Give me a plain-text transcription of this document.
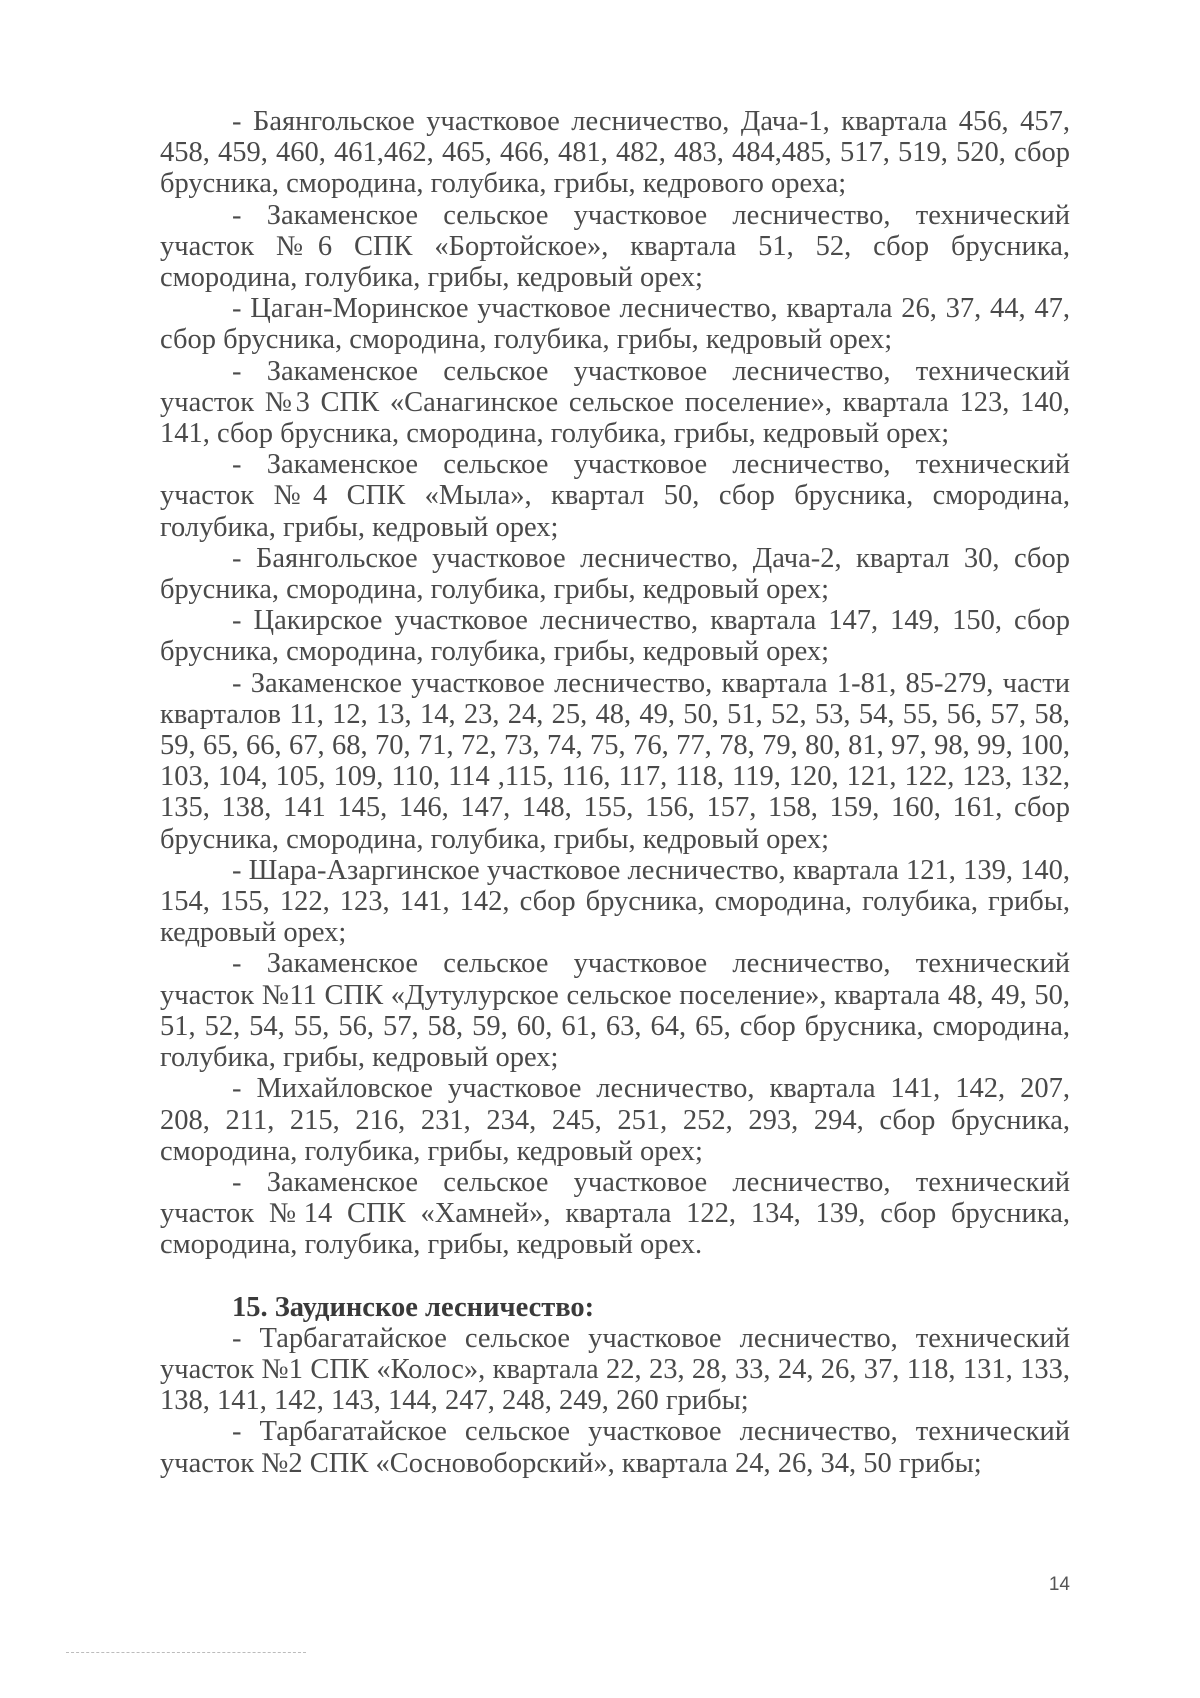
- Баянгольское участковое лесничество, Дача-1, квартала 456, 457, 458, 459, 460, 461,462, 465, 466, 481, 482, 483, 484,485, 517, 519, 520, сбор брусника, смородина, голубика, грибы, кедрового ореха;

- Закаменское сельское участковое лесничество, технический участок №6 СПК «Бортойское», квартала 51, 52, сбор брусника, смородина, голубика, грибы, кедровый орех;

- Цаган-Моринское участковое лесничество, квартала 26, 37, 44, 47, сбор брусника, смородина, голубика, грибы, кедровый орех;

- Закаменское сельское участковое лесничество, технический участок №3 СПК «Санагинское сельское поселение», квартала 123, 140, 141, сбор брусника, смородина, голубика, грибы, кедровый орех;

- Закаменское сельское участковое лесничество, технический участок №4 СПК «Мыла», квартал 50, сбор брусника, смородина, голубика, грибы, кедровый орех;

- Баянгольское участковое лесничество, Дача-2, квартал 30, сбор брусника, смородина, голубика, грибы, кедровый орех;

- Цакирское участковое лесничество, квартала 147, 149, 150, сбор брусника, смородина, голубика, грибы, кедровый орех;

- Закаменское участковое лесничество, квартала 1-81, 85-279, части кварталов 11, 12, 13, 14, 23, 24, 25, 48, 49, 50, 51, 52, 53, 54, 55, 56, 57, 58, 59, 65, 66, 67, 68, 70, 71, 72, 73, 74, 75, 76, 77, 78, 79, 80, 81, 97, 98, 99, 100, 103, 104, 105, 109, 110, 114 ,115, 116, 117, 118, 119, 120, 121, 122, 123, 132, 135, 138, 141 145, 146, 147, 148, 155, 156, 157, 158, 159, 160, 161, сбор брусника, смородина, голубика, грибы, кедровый орех;

- Шара-Азаргинское участковое лесничество, квартала 121, 139, 140, 154, 155, 122, 123, 141, 142, сбор брусника, смородина, голубика, грибы, кедровый орех;

- Закаменское сельское участковое лесничество, технический участок №11 СПК «Дутулурское сельское поселение», квартала 48, 49, 50, 51, 52, 54, 55, 56, 57, 58, 59, 60, 61, 63, 64, 65, сбор брусника, смородина, голубика, грибы, кедровый орех;

- Михайловское участковое лесничество, квартала 141, 142, 207, 208, 211, 215, 216, 231, 234, 245, 251, 252, 293, 294, сбор брусника, смородина, голубика, грибы, кедровый орех;

- Закаменское сельское участковое лесничество, технический участок №14 СПК «Хамней», квартала 122, 134, 139, сбор брусника, смородина, голубика, грибы, кедровый орех.

15. Заудинское лесничество:

- Тарбагатайское сельское участковое лесничество, технический участок №1 СПК «Колос», квартала 22, 23, 28, 33, 24, 26, 37, 118, 131, 133, 138, 141, 142, 143, 144, 247, 248, 249, 260 грибы;

- Тарбагатайское сельское участковое лесничество, технический участок №2 СПК «Сосновоборский», квартала 24, 26, 34, 50 грибы;

14
